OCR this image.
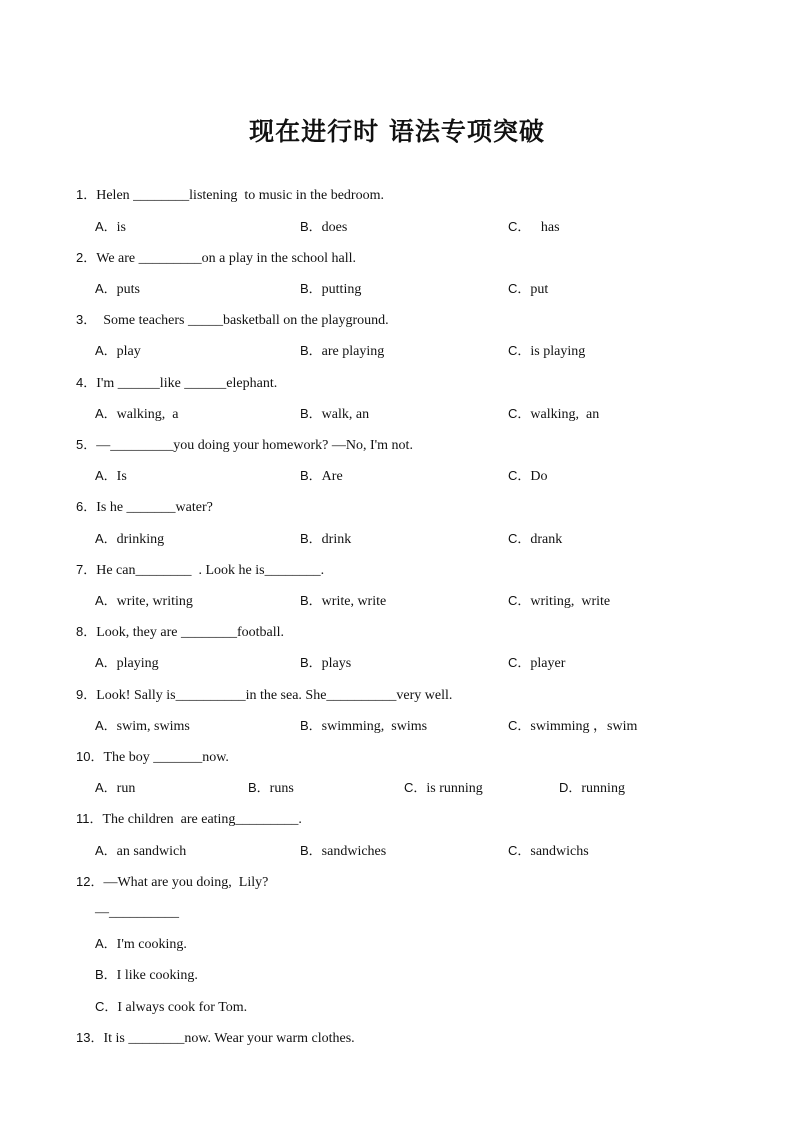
现在进行时 语法专项突破
1．Helen ________listening  to music in the bedroom.
A．is	B．does	C．   has
2．We are _________on a play in the school hall.
A．puts	B．putting	C．put
3．  Some teachers _____basketball on the playground.
A．play	B．are playing	C．is playing
4．I'm ______like ______elephant.
A．walking,  a	B．walk, an	C．walking,  an
5．—_________you doing your homework? —No, I'm not.
A．Is	B．Are	C．Do
6．Is he _______water?
A．drinking	B．drink	C．drank
7．He can________  . Look he is________.
A．write, writing	B．write, write	C．writing,  write
8．Look, they are ________football.
A．playing	B．plays	C．player
9．Look! Sally is__________in the sea. She__________very well.
A．swim, swims	B．swimming,  swims	C．swimming ，swim
10．The boy _______now.
A．run	B．runs	C．is running	D．running
11．The children  are eating_________.
A．an sandwich	B．sandwiches	C．sandwichs
12．—What are you doing,  Lily?
—__________
A．I'm cooking.
B．I like cooking.
C．I always cook for Tom.
13．It is ________now. Wear your warm clothes.
